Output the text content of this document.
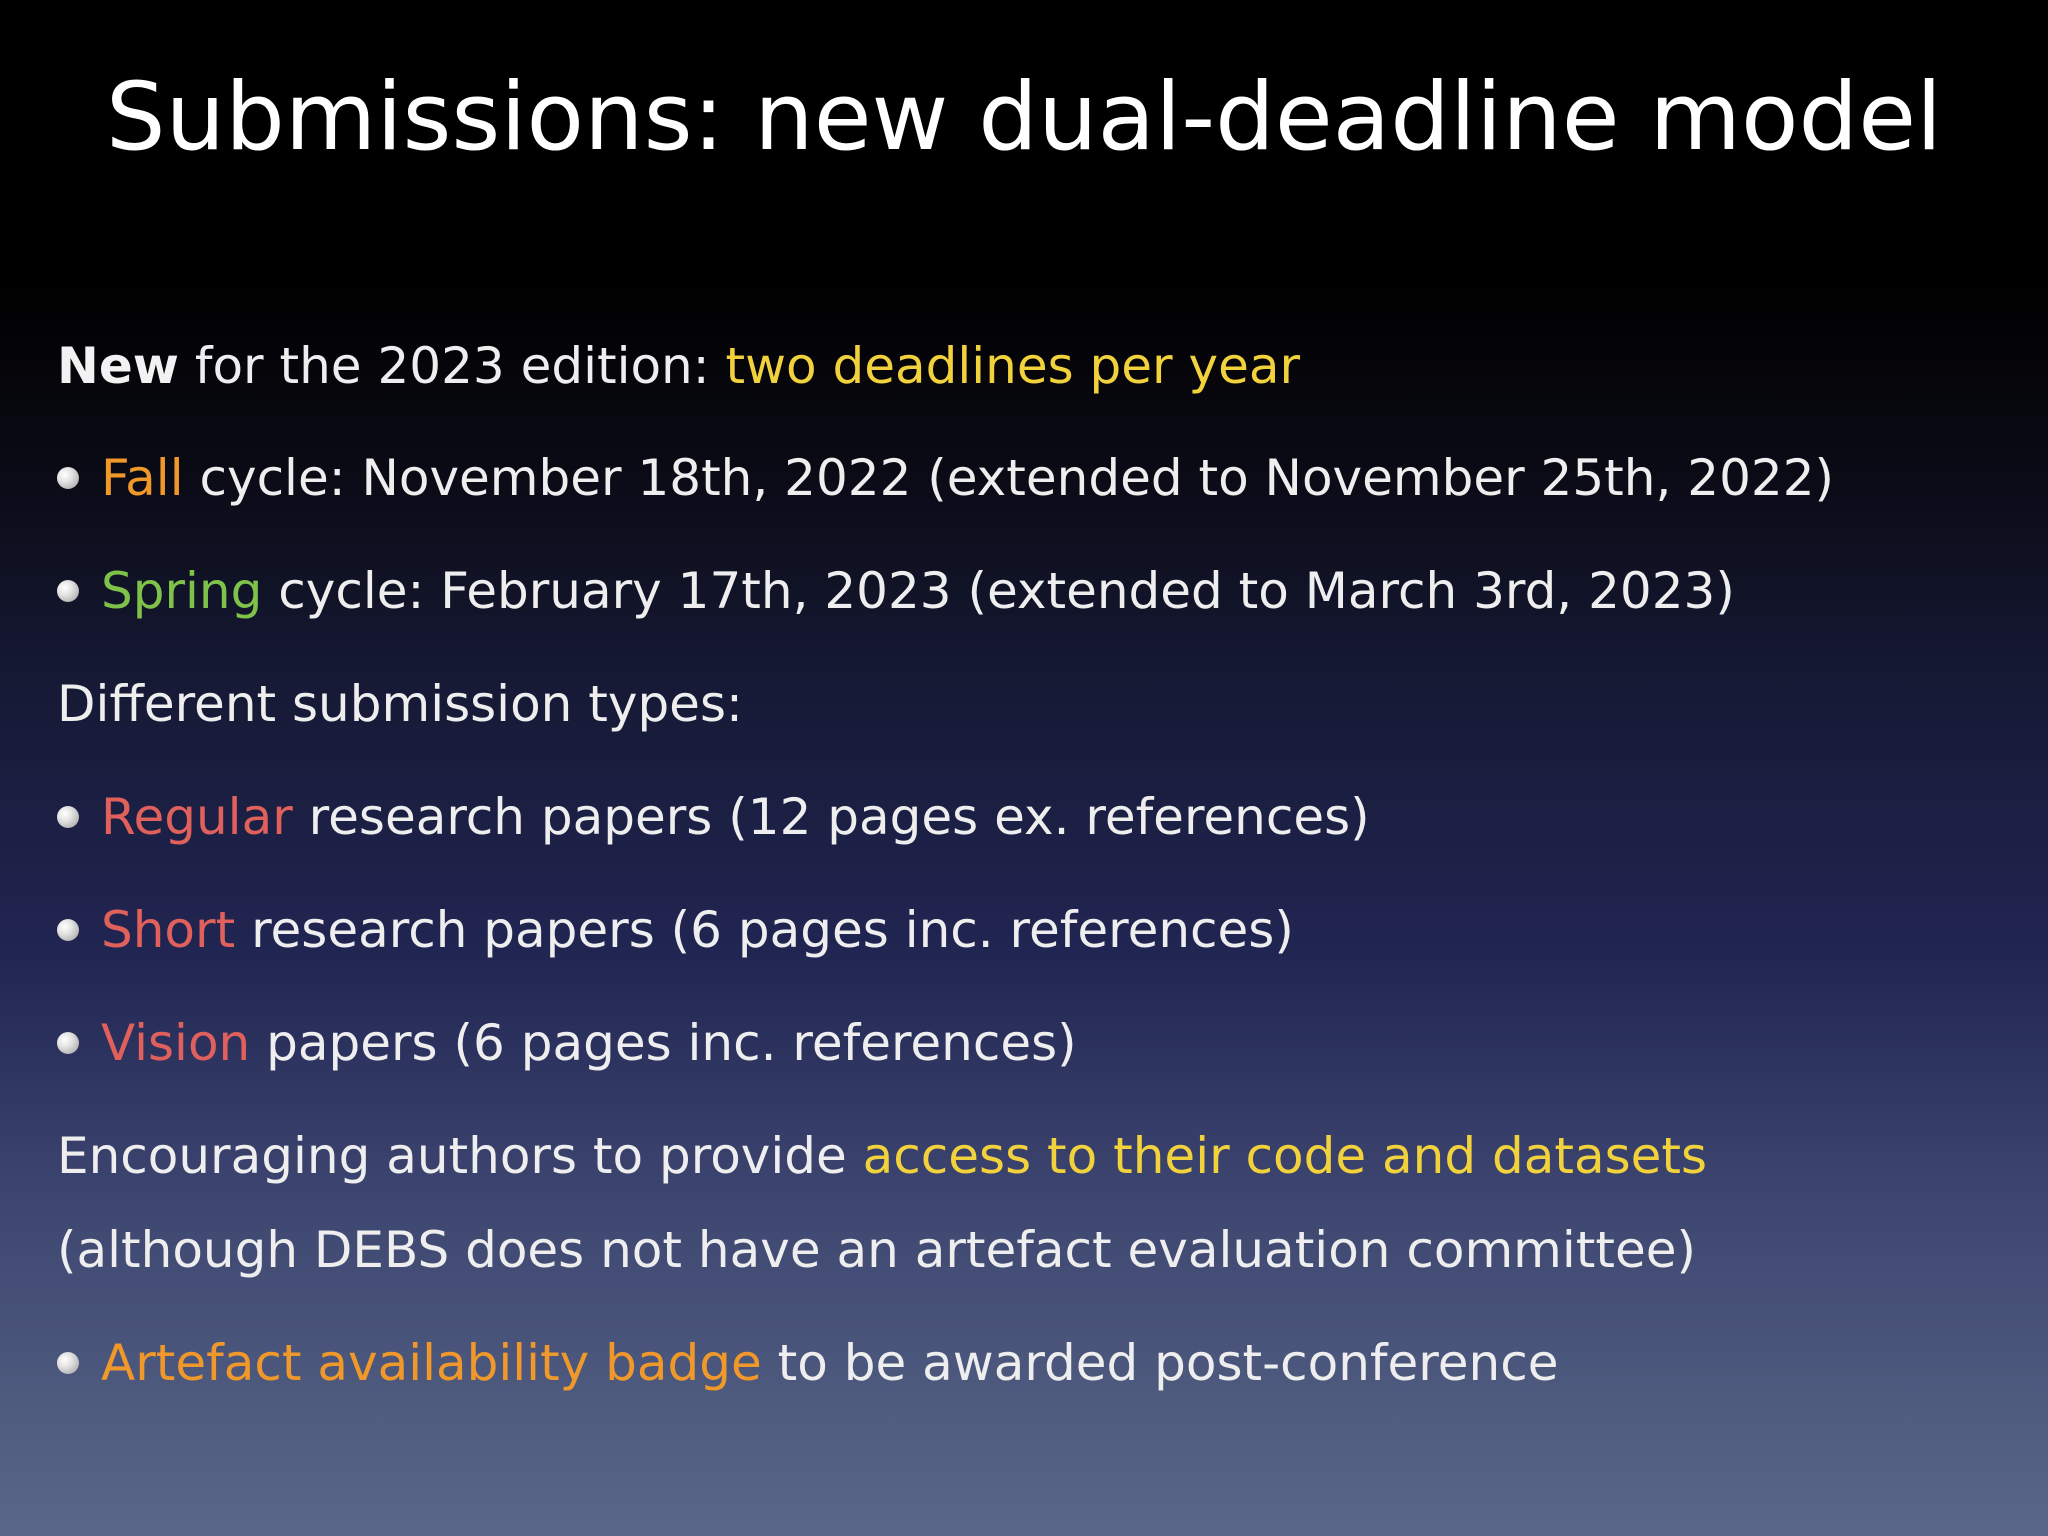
Submissions: new dual-deadline model
New for the 2023 edition: two deadlines per year
Fall cycle: November 18th, 2022 (extended to November 25th, 2022)
Spring cycle: February 17th, 2023 (extended to March 3rd, 2023)
Different submission types:
Regular research papers (12 pages ex. references)
Short research papers (6 pages inc. references)
Vision papers (6 pages inc. references)
Encouraging authors to provide access to their code and datasets
(although DEBS does not have an artefact evaluation committee)
Artefact availability badge to be awarded post-conference
